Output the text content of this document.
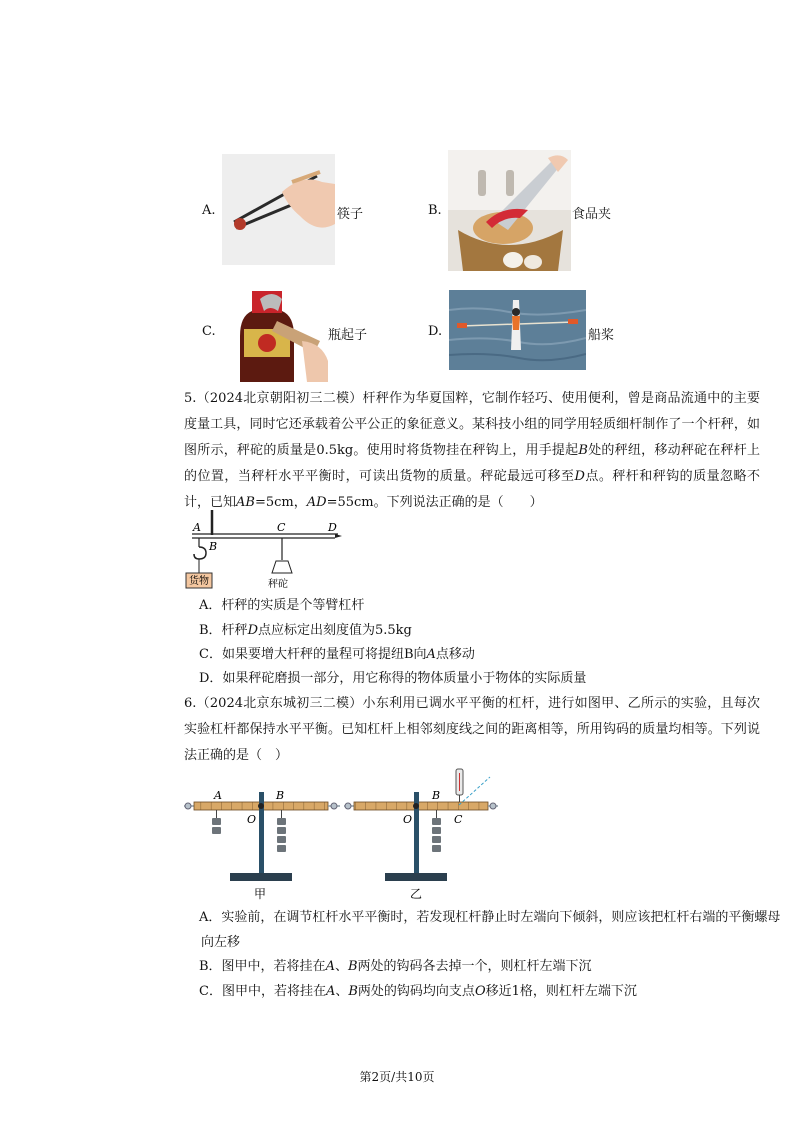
A.	筷子	B.	食品夹
C.	瓶起子	D.	船桨
5.（2024北京朝阳初三二模）杆秤作为华夏国粹，它制作轻巧、使用便利，曾是商品流通中的主要度量工具，同时它还承载着公平公正的象征意义。某科技小组的同学用轻质细杆制作了一个杆秤，如图所示，秤砣的质量是0.5kg。使用时将货物挂在秤钩上，用手提起B处的秤纽，移动秤砣在秤杆上的位置，当秤杆水平平衡时，可读出货物的质量。秤砣最远可移至D点。秤杆和秤钩的质量忽略不计，已知AB=5cm，AD=55cm。下列说法正确的是（　　）
货物	秤砣
A
B
C	D
A．杆秤的实质是个等臂杠杆
B．杆秤D点应标定出刻度值为5.5kg
C．如果要增大杆秤的量程可将提纽B向A点移动
D．如果秤砣磨损一部分，用它称得的物体质量小于物体的实际质量
6.（2024北京东城初三二模）小东利用已调水平平衡的杠杆，进行如图甲、乙所示的实验，且每次实验杠杆都保持水平平衡。已知杠杆上相邻刻度线之间的距离相等，所用钩码的质量均相等。下列说法正确的是（　）
A	B
O
甲
B
O	C
乙
A．实验前，在调节杠杆水平平衡时，若发现杠杆静止时左端向下倾斜，则应该把杠杆右端的平衡螺母
向左移
B．图甲中，若将挂在A、B两处的钩码各去掉一个，则杠杆左端下沉
C．图甲中，若将挂在A、B两处的钩码均向支点O移近1格，则杠杆左端下沉
第2页/共10页
